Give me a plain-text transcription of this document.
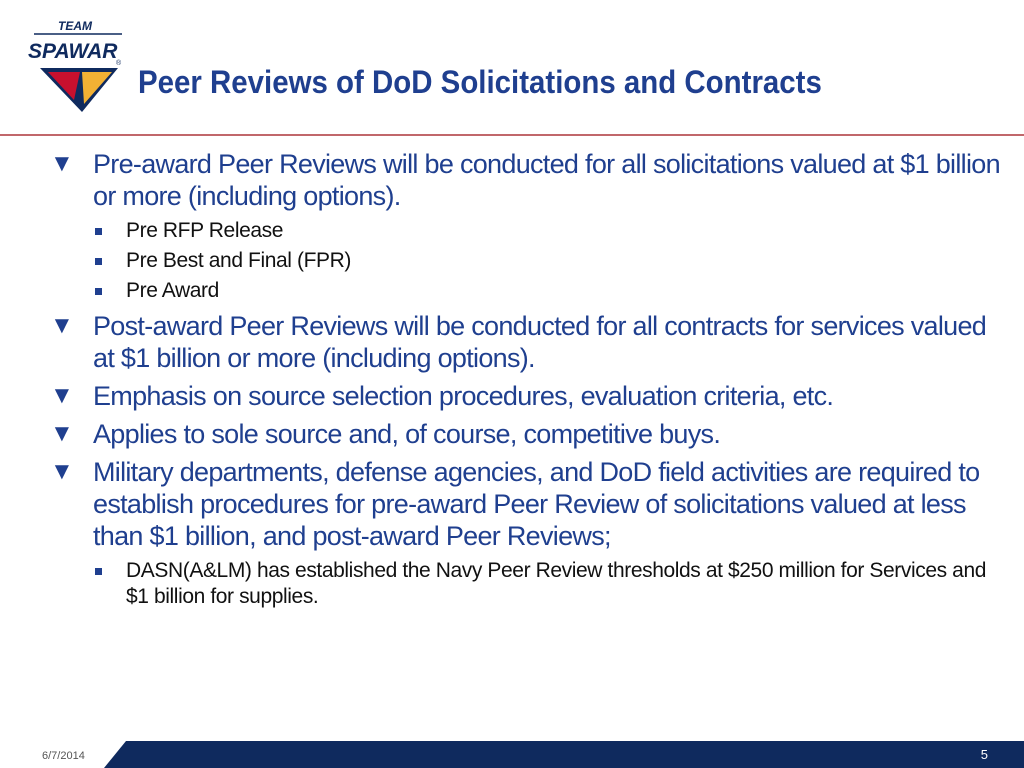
TEAM
SPAWAR
®
Peer Reviews of DoD Solicitations and Contracts
▼ Pre-award Peer Reviews will be conducted for all solicitations valued at $1 billion or more (including options).
Pre RFP Release
Pre Best and Final (FPR)
Pre Award
▼ Post-award Peer Reviews will be conducted for all contracts for services valued at $1 billion or more (including options).
▼ Emphasis on source selection procedures, evaluation criteria, etc.
▼ Applies to sole source and, of course, competitive buys.
▼ Military departments, defense agencies, and DoD field activities are required to establish procedures for pre-award Peer Review of solicitations valued at less than $1 billion, and post-award Peer Reviews;
DASN(A&LM) has established the Navy Peer Review thresholds at $250 million for Services and $1 billion for supplies.
6/7/2014	5
